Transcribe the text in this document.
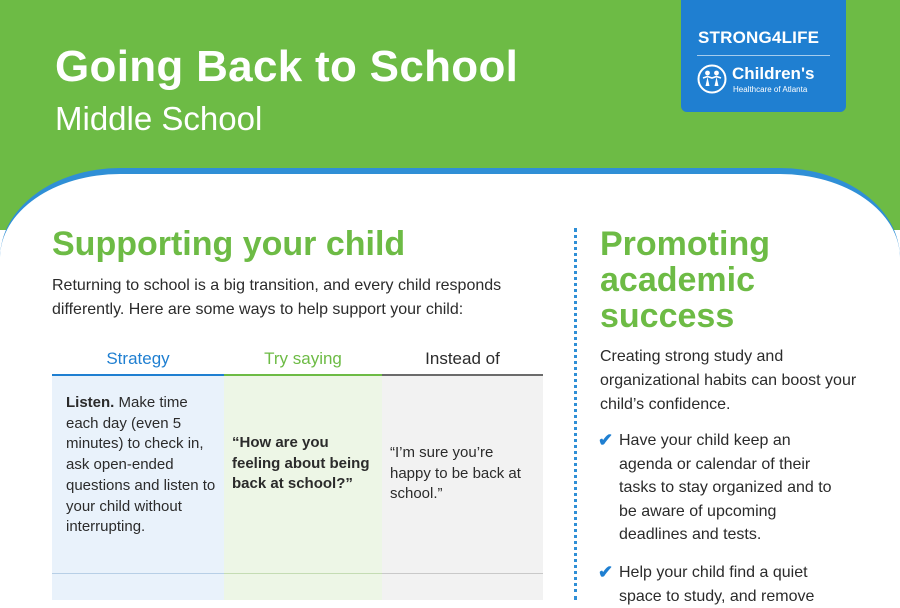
Going Back to School

Middle School

STRONG4LIFE
Children's
Healthcare of Atlanta
Supporting your child

Returning to school is a big transition, and every child responds differently. Here are some ways to help support your child:

Strategy	Try saying	Instead of
Listen. Make time each day (even 5 minutes) to check in, ask open-ended questions and listen to your child without interrupting.
“How are you feeling about being back at school?”
“I’m sure you’re happy to be back at school.”
Promoting academic success

Creating strong study and organizational habits can boost your child’s confidence.

✔ Have your child keep an agenda or calendar of their tasks to stay organized and to be aware of upcoming deadlines and tests.
✔ Help your child find a quiet space to study, and remove
